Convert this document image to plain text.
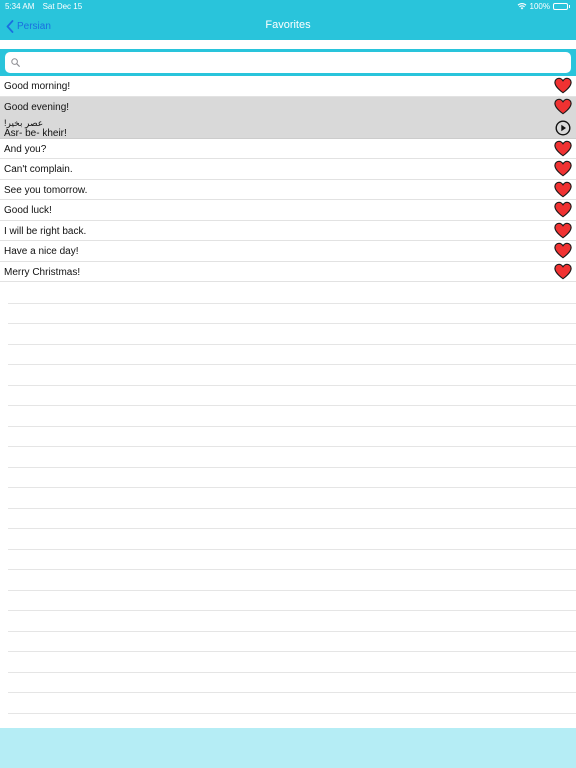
5:34 AM Sat Dec 15	100%
Persian	Favorites
Good morning!
Good evening!
عصر بخیر!
Asr- be- kheir!
And you?
Can't complain.
See you tomorrow.
Good luck!
I will be right back.
Have a nice day!
Merry Christmas!
